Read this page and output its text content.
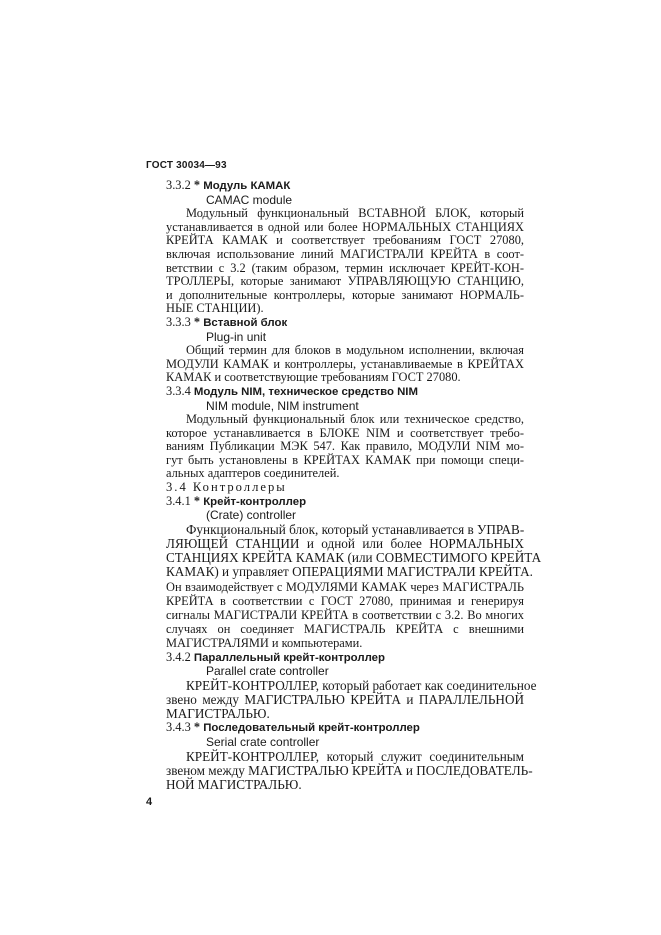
ГОСТ 30034—93
3.3.2 * Модуль КАМАК
CAMAC module
Модульный функциональный ВСТАВНОЙ БЛОК, который
устанавливается в одной или более НОРМАЛЬНЫХ СТАНЦИЯХ
КРЕЙТА КАМАК и соответствует требованиям ГОСТ 27080,
включая использование линий МАГИСТРАЛИ КРЕЙТА в соот-
ветствии с 3.2 (таким образом, термин исключает КРЕЙТ-КОН-
ТРОЛЛЕРЫ, которые занимают УПРАВЛЯЮЩУЮ СТАНЦИЮ,
и дополнительные контроллеры, которые занимают НОРМАЛЬ-
НЫЕ СТАНЦИИ).
3.3.3 * Вставной блок
Plug-in unit
Общий термин для блоков в модульном исполнении, включая
МОДУЛИ КАМАК и контроллеры, устанавливаемые в КРЕЙТАХ
КАМАК и соответствующие требованиям ГОСТ 27080.
3.3.4 Модуль NIM, техническое средство NIM
NIM module, NIM instrument
Модульный функциональный блок или техническое средство,
которое устанавливается в БЛОКЕ NIM и соответствует требо-
ваниям Публикации МЭК 547. Как правило, МОДУЛИ NIM мо-
гут быть установлены в КРЕЙТАХ КАМАК при помощи специ-
альных адаптеров соединителей.
3.4 Контроллеры
3.4.1 * Крейт-контроллер
(Crate) controller
Функциональный блок, который устанавливается в УПРАВ-
ЛЯЮЩЕЙ СТАНЦИИ и одной или более НОРМАЛЬНЫХ
СТАНЦИЯХ КРЕЙТА КАМАК (или СОВМЕСТИМОГО КРЕЙТА
КАМАК) и управляет ОПЕРАЦИЯМИ МАГИСТРАЛИ КРЕЙТА.
Он взаимодействует с МОДУЛЯМИ КАМАК через МАГИСТРАЛЬ
КРЕЙТА в соответствии с ГОСТ 27080, принимая и генерируя
сигналы МАГИСТРАЛИ КРЕЙТА в соответствии с 3.2. Во многих
случаях он соединяет МАГИСТРАЛЬ КРЕЙТА с внешними
МАГИСТРАЛЯМИ и компьютерами.
3.4.2 Параллельный крейт-контроллер
Parallel crate controller
КРЕЙТ-КОНТРОЛЛЕР, который работает как соединительное
звено между МАГИСТРАЛЬЮ КРЕЙТА и ПАРАЛЛЕЛЬНОЙ
МАГИСТРАЛЬЮ.
3.4.3 * Последовательный крейт-контроллер
Serial crate controller
КРЕЙТ-КОНТРОЛЛЕР, который служит соединительным
звеном между МАГИСТРАЛЬЮ КРЕЙТА и ПОСЛЕДОВАТЕЛЬ-
НОЙ МАГИСТРАЛЬЮ.
4
